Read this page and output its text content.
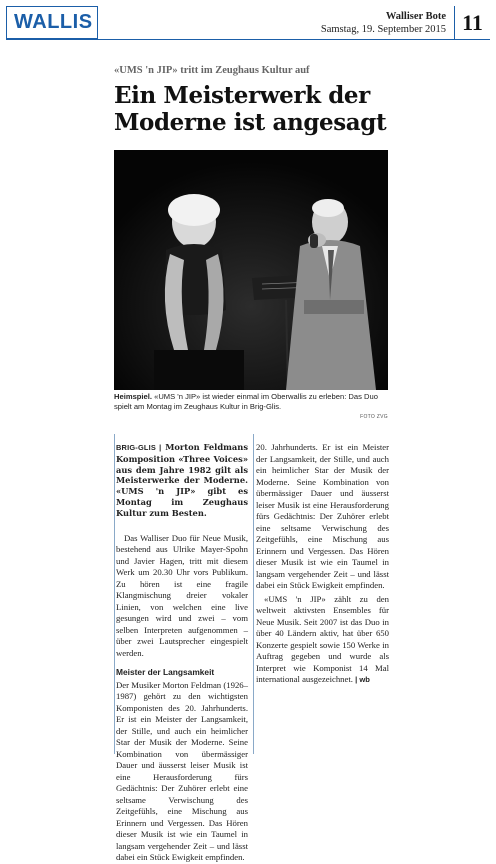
WALLIS	Walliser Bote
Samstag, 19. September 2015 11
«UMS 'n JIP» tritt im Zeughaus Kultur auf
Ein Meisterwerk der Moderne ist angesagt
Heimspiel. «UMS 'n JIP» ist wieder einmal im Oberwallis zu erleben: Das Duo spielt am Montag im Zeughaus Kultur in Brig-Glis.
FOTO ZVG

BRIG-GLIS | Morton Feldmans Komposition «Three Voices» aus dem Jahre 1982 gilt als Meisterwerke der Moderne. «UMS 'n JIP» gibt es Montag im Zeughaus Kultur zum Besten.

Das Walliser Duo für Neue Musik, bestehend aus Ulrike Mayer-Spohn und Javier Hagen, tritt mit diesem Werk um 20.30 Uhr vors Publikum. Zu hören ist eine fragile Klangmischung dreier vokaler Linien, von welchen eine live gesungen wird und zwei – vom selben Interpreten aufgenommen – über zwei Lautsprecher eingespielt werden.

Meister der Langsamkeit

Der Musiker Morton Feldman (1926–1987) gehört zu den wichtigsten Komponisten des 20. Jahrhunderts. Er ist ein Meister der Langsamkeit, der Stille, und auch ein heimlicher Star der Musik der Moderne. Seine Kombination von übermässiger Dauer und äusserst leiser Musik ist eine Herausforderung fürs Gedächtnis: Der Zuhörer erlebt eine seltsame Verwischung des Zeitgefühls, eine Mischung aus Erinnern und Vergessen. Das Hören dieser Musik ist wie ein Taumel in langsam vergehender Zeit – und lässt dabei ein Stück Ewigkeit empfinden.

20. Jahrhunderts. Er ist ein Meister der Langsamkeit, der Stille, und auch ein heimlicher Star der Musik der Moderne. Seine Kombination von übermässiger Dauer und äusserst leiser Musik ist eine Herausforderung fürs Gedächtnis: Der Zuhörer erlebt eine seltsame Verwischung des Zeitgefühls, eine Mischung aus Erinnern und Vergessen. Das Hören dieser Musik ist wie ein Taumel in langsam vergehender Zeit – und lässt dabei ein Stück Ewigkeit empfinden.

«UMS 'n JIP» zählt zu den weltweit aktivsten Ensembles für Neue Musik. Seit 2007 ist das Duo in über 40 Ländern aktiv, hat über 650 Konzerte gespielt sowie 150 Werke in Auftrag gegeben und wurde als Interpret wie Komponist 14 Mal international ausgezeichnet. | wb
